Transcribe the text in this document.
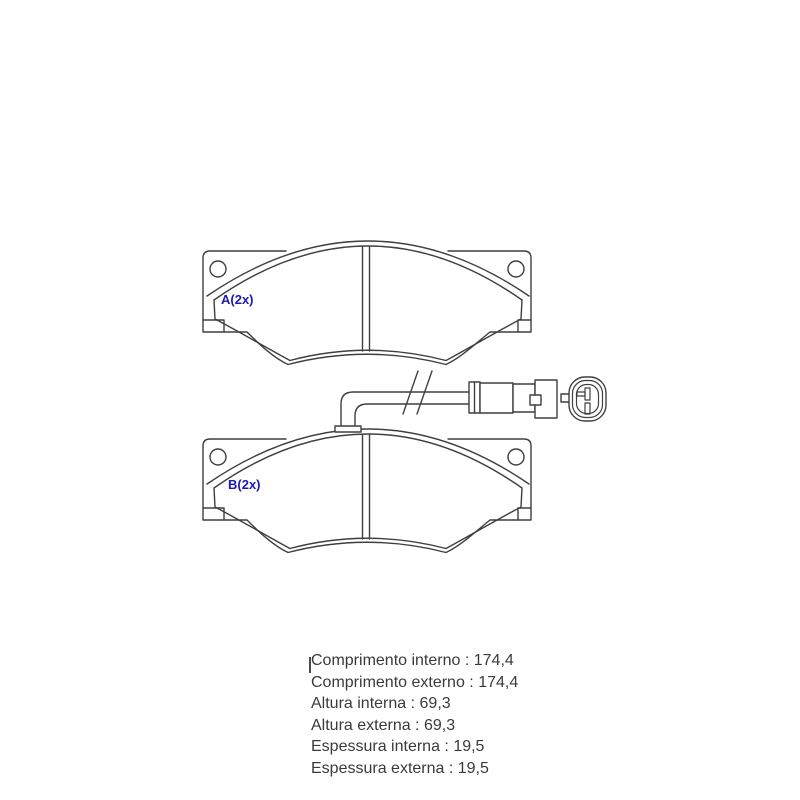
A(2x)
B(2x)
Comprimento interno : 174,4
Comprimento externo : 174,4
Altura interna : 69,3
Altura externa : 69,3
Espessura interna : 19,5
Espessura externa : 19,5
